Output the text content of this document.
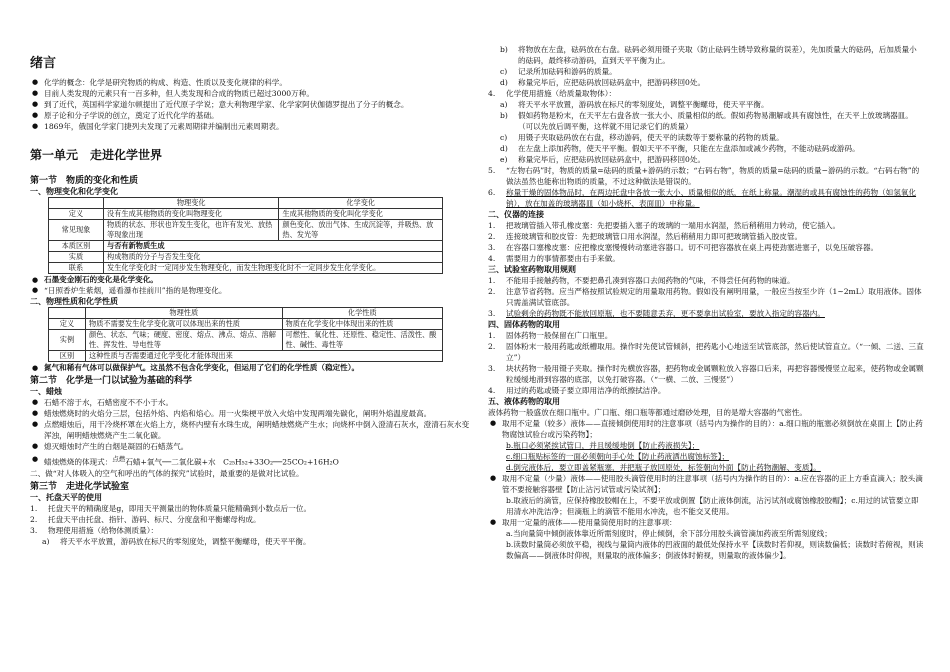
绪言

● 化学的概念：化学是研究物质的构成、构造、性质以及变化规律的科学。

● 目前人类发现的元素只有一百多种，但人类发现和合成的物质已超过3000万种。

● 到了近代，英国科学家道尔顿提出了近代原子学说；意大利物理学家、化学家阿伏伽德罗提出了分子的概念。

● 原子论和分子学说的创立，奠定了近代化学的基础。

● 1869年，俄国化学家门捷列夫发现了元素周期律并编制出元素周期表。

第一单元　走进化学世界

第一节　物质的变化和性质

一、物理变化和化学变化

	物理变化	化学变化
定义	没有生成其他物质的变化叫物理变化	生成其他物质的变化叫化学变化
常见现象	物质的状态、形状也许发生变化，也许有发光、放热等现象出现	颜色变化、放出气体、生成沉淀等，并吸热、放热、发光等
本质区别	与否有新物质生成	
实质	构成物质的分子与否发生变化	
联系	发生化学变化时一定同步发生物理变化，而发生物理变化时不一定同步发生化学变化。	

● 石墨变金刚石的变化是化学变化。

● “日照香炉生紫烟，遥看瀑布挂前川”指的是物理变化。

二、物理性质和化学性质

	物理性质	化学性质
定义	物质不需要发生化学变化就可以体现出来的性质	物质在化学变化中体现出来的性质
实例	颜色、状态、气味；硬度、密度、熔点、沸点、熔点、溶解性、挥发性、导电性等	可燃性、氧化性、还原性、稳定性、活泼性、酸性、碱性、毒性等
区别	这种性质与否需要通过化学变化才能体现出来	

● 氮气和稀有气体可以做保护气。这虽然不包含化学变化，但运用了它们的化学性质（稳定性）。

第二节　化学是一门以试验为基础的科学

一、蜡烛

● 石蜡不溶于水，石蜡密度不不小于水。

● 蜡烛燃烧时的火焰分三层，包括外焰、内焰和焰心。用一火柴梗平放入火焰中发现两端先碳化，阐明外焰温度最高。

● 点燃蜡烛后，用干冷烧杯罩在火焰上方，烧杯内壁有水珠生成，阐明蜡烛燃烧产生水；向烧杯中倒入澄清石灰水，澄清石灰水变浑浊，阐明蜡烛燃烧产生二氧化碳。

● 熄灭蜡烛时产生的白烟是凝固的石蜡蒸气。

● 蜡烛燃烧的体现式：点燃石蜡+氧气──二氧化碳+水　C₂₅H₅₂+33O₂──25CO₂+16H₂O

二、做“对人体吸入的空气和呼出的气体的探究”试验时，最重要的是做对比试验。

第三节　走进化学试验室

一、托盘天平的使用

1. 托盘天平的精确度是g，即用天平测量出的物体质量只能精确到小数点后一位。

2. 托盘天平由托盘、指针、游码、标尺、分度盘和平衡螺母构成。

3. 物理使用措施（给物体测质量）：

a) 将天平水平放置，游码放在标尺的零刻度处，调整平衡螺母，使天平平衡。

b) 将物放在左盘，砝码放在右盘。砝码必须用镊子夹取（防止砝码生锈导致称量的误差），先加质量大的砝码，后加质量小的砝码，最终移动游码，直到天平平衡为止。

c) 记录所加砝码和游码的质量。

d) 称量完毕后，应把砝码放回砝码盒中，把游码移回0处。

4. 化学使用措施（给质量取物体）：

a) 将天平水平放置，游码放在标尺的零刻度处，调整平衡螺母，使天平平衡。

b) 假如药物是粉末，在天平左右盘各放一张大小、质量相似的纸。假如药物易潮解或具有腐蚀性，在天平上放玻璃器皿。（可以先放后调平衡，这样就不用记录它们的质量）

c) 用镊子夹取砝码放在右盘，移动游码，使天平的读数等于要称量的药物的质量。

d) 在左盘上添加药物，使天平平衡。假如天平不平衡，只能在左盘添加或减少药物，不能动砝码或游码。

e) 称量完毕后，应把砝码放回砝码盒中，把游码移回0处。

5. “左物右码”时，物质的质量=砝码的质量+游码的示数；“右码右物”，物质的质量=砝码的质量−游码的示数。“右码右物”的做法虽然也能称出物质的质量，不过这种做法是错误的。

6. 称量干燥的固体物品时，在两边托盘中各放一张大小、质量相似的纸，在纸上称量。潮湿的或具有腐蚀性的药物（如氢氧化钠），放在加盖的玻璃器皿（如小烧杯、表面皿）中称量。

二、仪器的连接

1. 把玻璃管插入带孔橡皮塞：先把要插入塞子的玻璃的一端用水润湿，然后稍稍用力转动，使它插入。

2. 连接玻璃管和胶皮管：先把玻璃管口用水润湿，然后稍稍用力即可把玻璃管插入胶皮管。

3. 在容器口塞橡皮塞：应把橡皮塞慢慢转动塞进容器口。切不可把容器放在桌上再使劲塞进塞子，以免压破容器。

4. 需要用力的事情都要由右手来做。

三、试验室药物取用规则

1. 不能用手接触药物，不要把鼻孔凑到容器口去闻药物的气味，不得尝任何药物的味道。

2. 注意节省药物。应当严格按照试验规定的用量取用药物。假如没有阐明用量，一般应当按至少许（1~2mL）取用液体。固体只需盖满试管底部。

3. 试验剩余的药物既不能放回原瓶，也不要随意丢弃，更不要拿出试验室，要放入指定的容器内。

四、固体药物的取用

1. 固体药物一般保留在广口瓶里。

2. 固体粉末一般用药匙或纸槽取用。操作时先使试管倾斜，把药匙小心地送至试管底部，然后使试管直立。（“一倾、二送、三直立”）

3. 块状药物一般用镊子夹取。操作时先横放容器，把药物或金属颗粒放入容器口后来，再把容器慢慢竖立起来，使药物或金属颗粒缓缓地滑到容器的底部，以免打破容器。（“一横、二放、三慢竖”）

4. 用过的药匙或镊子要立即用洁净的纸擦拭洁净。

五、液体药物的取用

液体药物一般盛放在细口瓶中。广口瓶、细口瓶等都通过磨砂处理，目的是增大容器的气密性。

● 取用不定量（较多）液体——直接倾倒使用时的注意事项（括号内为操作的目的）：a.细口瓶的瓶塞必须倒放在桌面上【防止药物腐蚀试验台或污染药物】；

b.瓶口必须紧挨试管口，并且缓缓地倒【防止药液损失】；

c.细口瓶贴标签的一面必须朝向手心处【防止药液洒出腐蚀标签】；

d.倒完液体后，要立即盖紧瓶塞，并把瓶子放回原处，标签朝向外面【防止药物潮解、变质】。

● 取用不定量（少量）液体——使用胶头滴管使用时的注意事项（括号内为操作的目的）：a.应在容器的正上方垂直滴入；胶头滴管不要接触容器壁【防止沾污试管或污染试剂】；

b.取液后的滴管，应保持橡胶胶帽在上，不要平放或倒置【防止液体倒流，沾污试剂或腐蚀橡胶胶帽】；c.用过的试管要立即用清水冲洗洁净；但滴瓶上的滴管不能用水冲洗，也不能交叉使用。

● 取用一定量的液体——使用量筒使用时的注意事项：

a.当向量筒中倾倒液体靠近所需刻度时，停止倾倒，余下部分用胶头滴管滴加药液至所需刻度线；

b.读数时量筒必须放平稳，视线与量筒内液体的凹液面的最低处保持水平【读数时若仰视，则读数偏低；读数时若俯视，则读数偏高——倒液体时仰视，则量取的液体偏多；倒液体时俯视，则量取的液体偏少】。
